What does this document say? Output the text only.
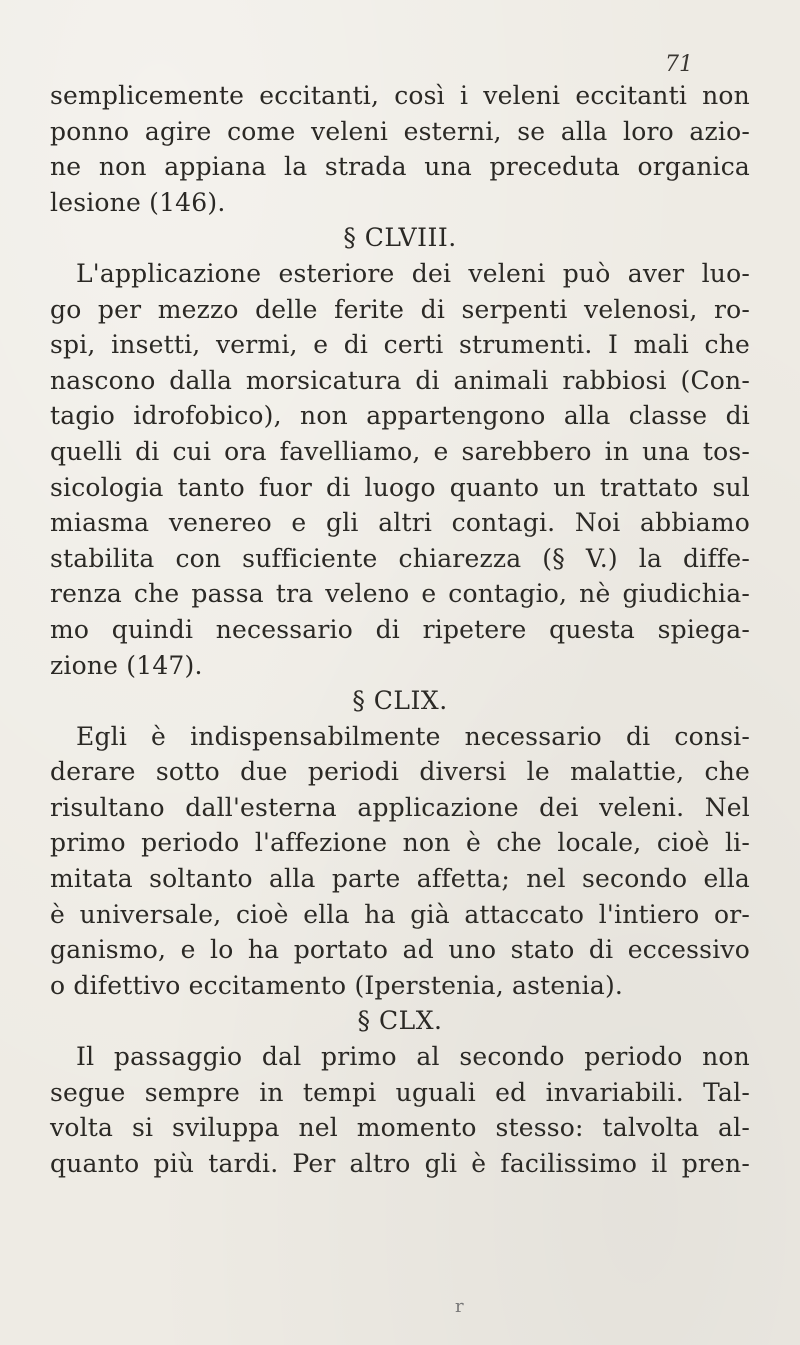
71
semplicemente eccitanti, così i veleni eccitanti non
ponno agire come veleni esterni, se alla loro azio-
ne non appiana la strada una preceduta organica
lesione (146).
§ CLVIII.
L'applicazione esteriore dei veleni può aver luo-
go per mezzo delle ferite di serpenti velenosi, ro-
spi, insetti, vermi, e di certi strumenti. I mali che
nascono dalla morsicatura di animali rabbiosi (Con-
tagio idrofobico), non appartengono alla classe di
quelli di cui ora favelliamo, e sarebbero in una tos-
sicologia tanto fuor di luogo quanto un trattato sul
miasma venereo e gli altri contagi. Noi abbiamo
stabilita con sufficiente chiarezza (§ V.) la diffe-
renza che passa tra veleno e contagio, nè giudichia-
mo quindi necessario di ripetere questa spiega-
zione (147).
§ CLIX.
Egli è indispensabilmente necessario di consi-
derare sotto due periodi diversi le malattie, che
risultano dall'esterna applicazione dei veleni. Nel
primo periodo l'affezione non è che locale, cioè li-
mitata soltanto alla parte affetta; nel secondo ella
è universale, cioè ella ha già attaccato l'intiero or-
ganismo, e lo ha portato ad uno stato di eccessivo
o difettivo eccitamento (Iperstenia, astenia).
§ CLX.
Il passaggio dal primo al secondo periodo non
segue sempre in tempi uguali ed invariabili. Tal-
volta si sviluppa nel momento stesso: talvolta al-
quanto più tardi. Per altro gli è facilissimo il pren-
r
